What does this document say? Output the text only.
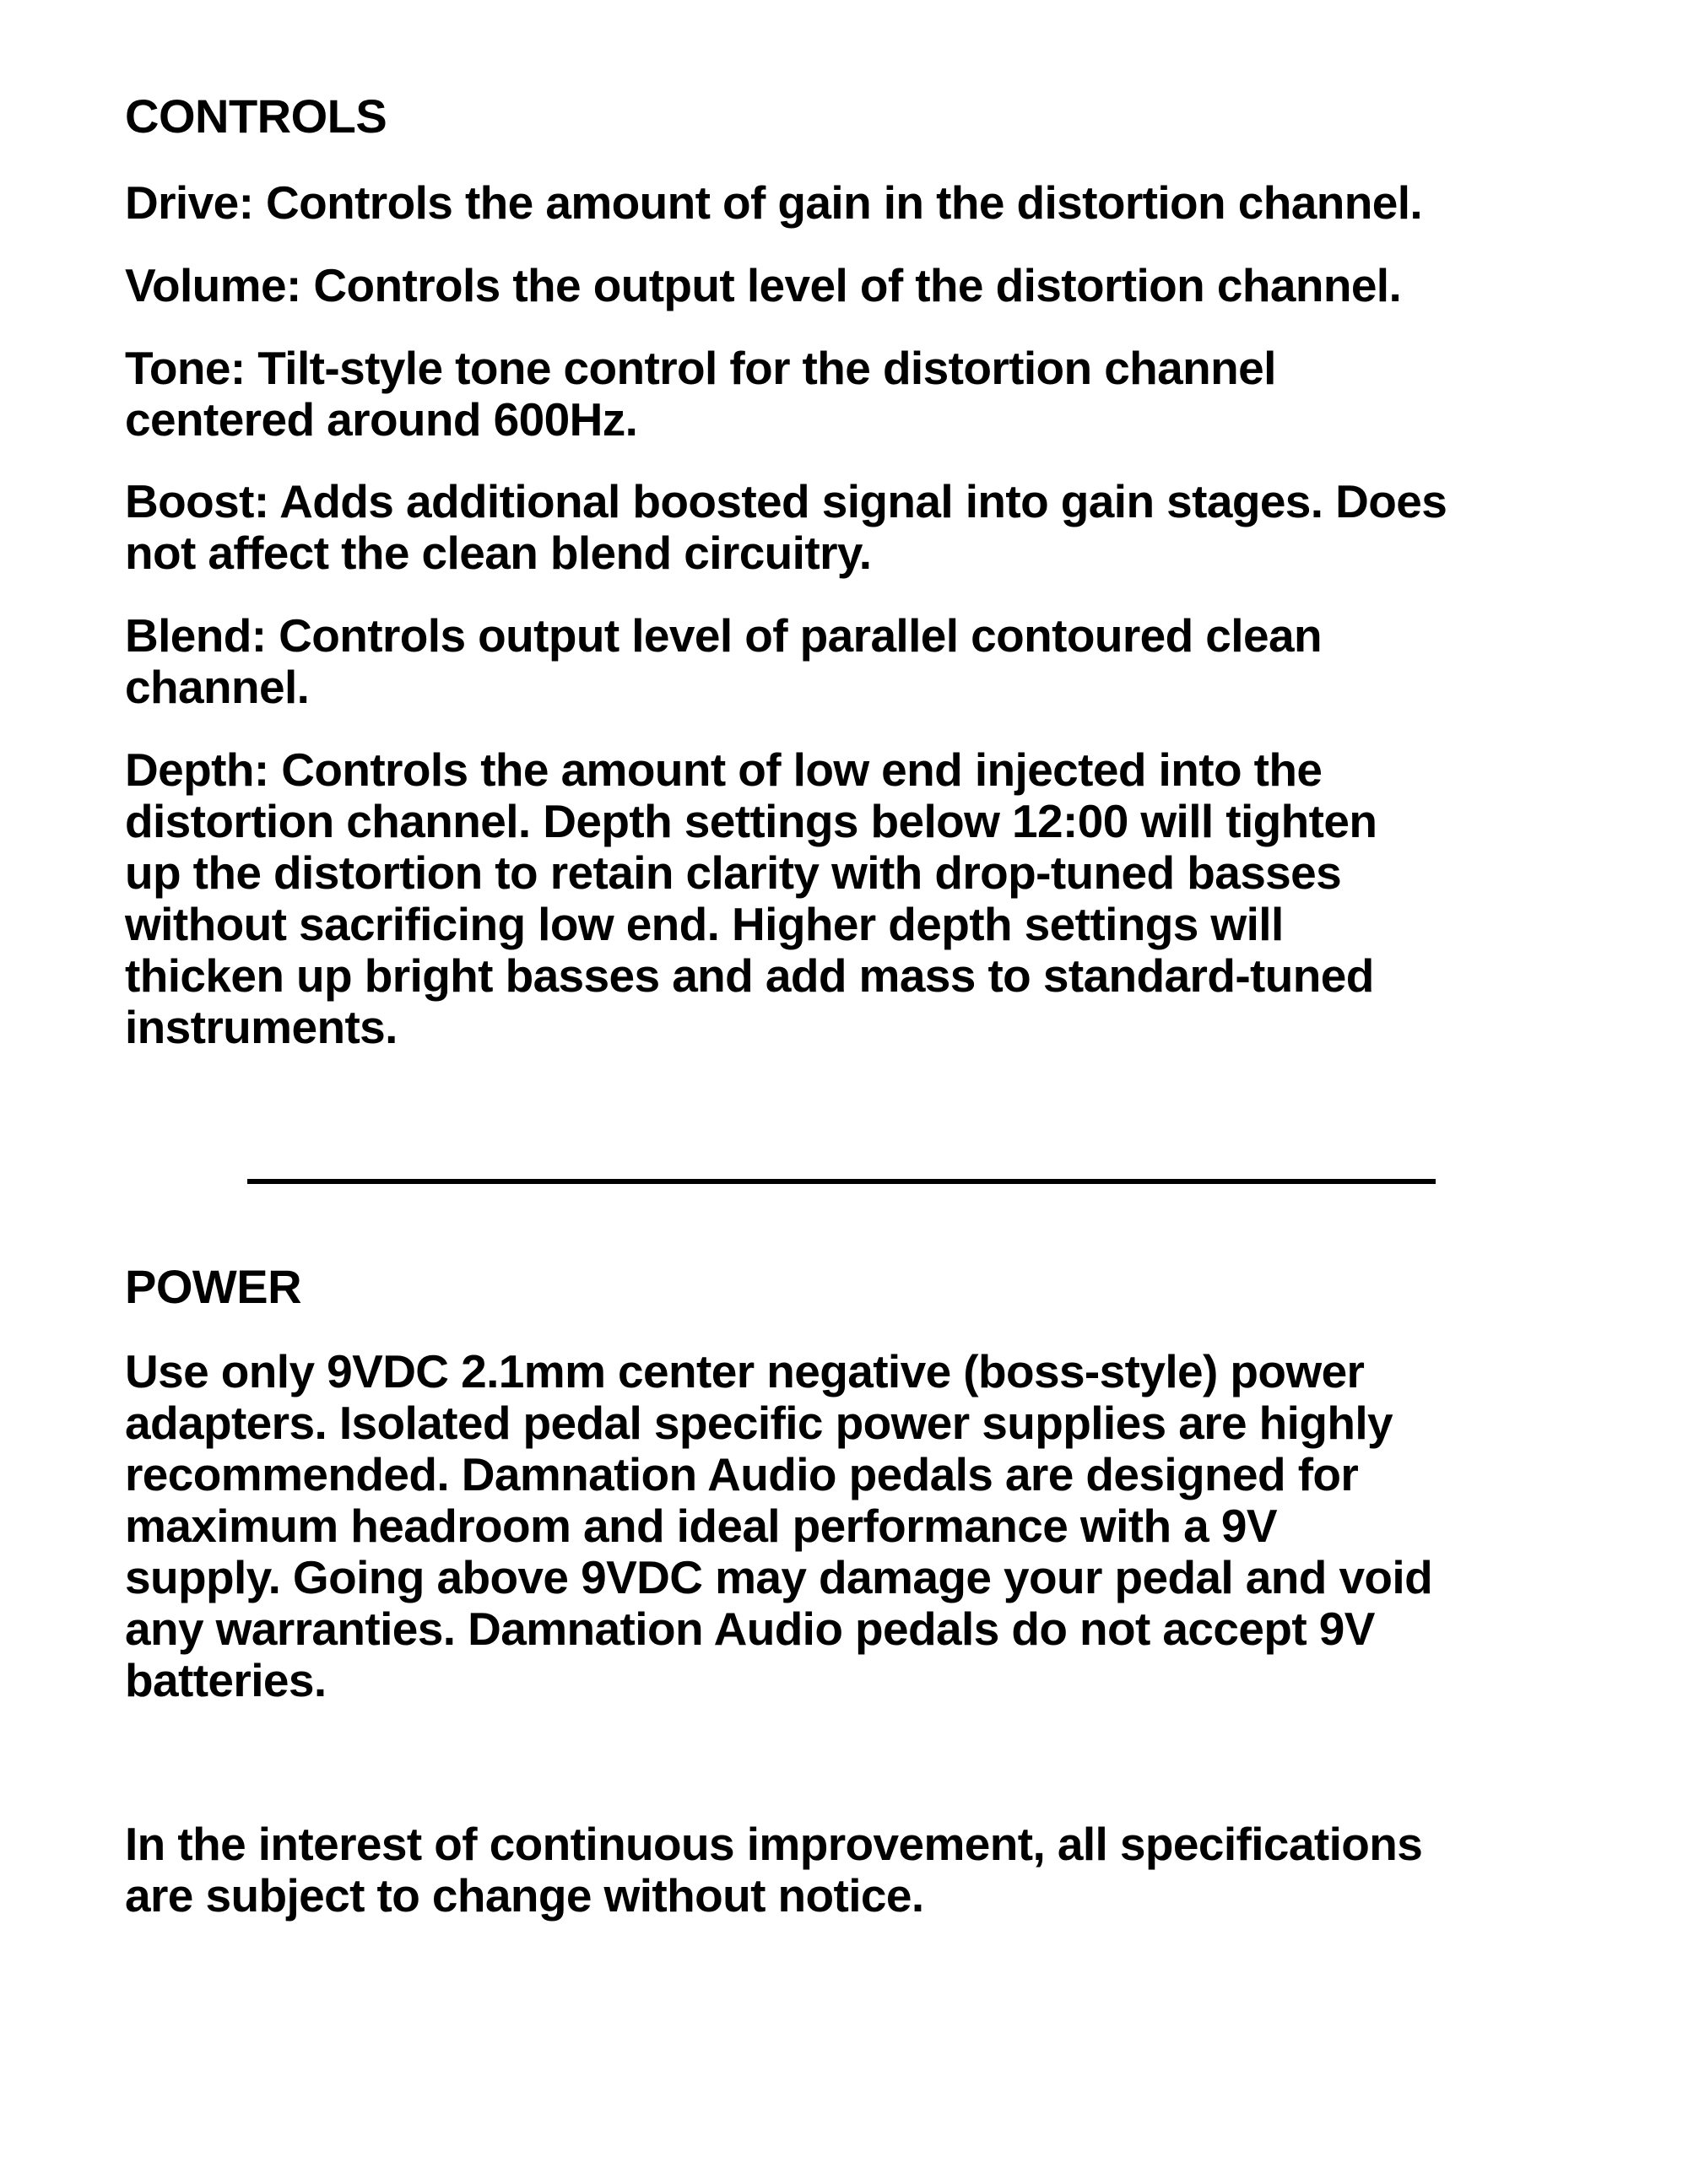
CONTROLS

Drive: Controls the amount of gain in the distortion channel.

Volume: Controls the output level of the distortion channel.

Tone: Tilt-style tone control for the distortion channel
centered around 600Hz.

Boost: Adds additional boosted signal into gain stages. Does
not affect the clean blend circuitry.

Blend: Controls output level of parallel contoured clean
channel.

Depth: Controls the amount of low end injected into the
distortion channel. Depth settings below 12:00 will tighten
up the distortion to retain clarity with drop-tuned basses
without sacrificing low end. Higher depth settings will
thicken up bright basses and add mass to standard-tuned
instruments.

POWER

Use only 9VDC 2.1mm center negative (boss-style) power
adapters. Isolated pedal specific power supplies are highly
recommended. Damnation Audio pedals are designed for
maximum headroom and ideal performance with a 9V
supply. Going above 9VDC may damage your pedal and void
any warranties. Damnation Audio pedals do not accept 9V
batteries.

In the interest of continuous improvement, all specifications
are subject to change without notice.
